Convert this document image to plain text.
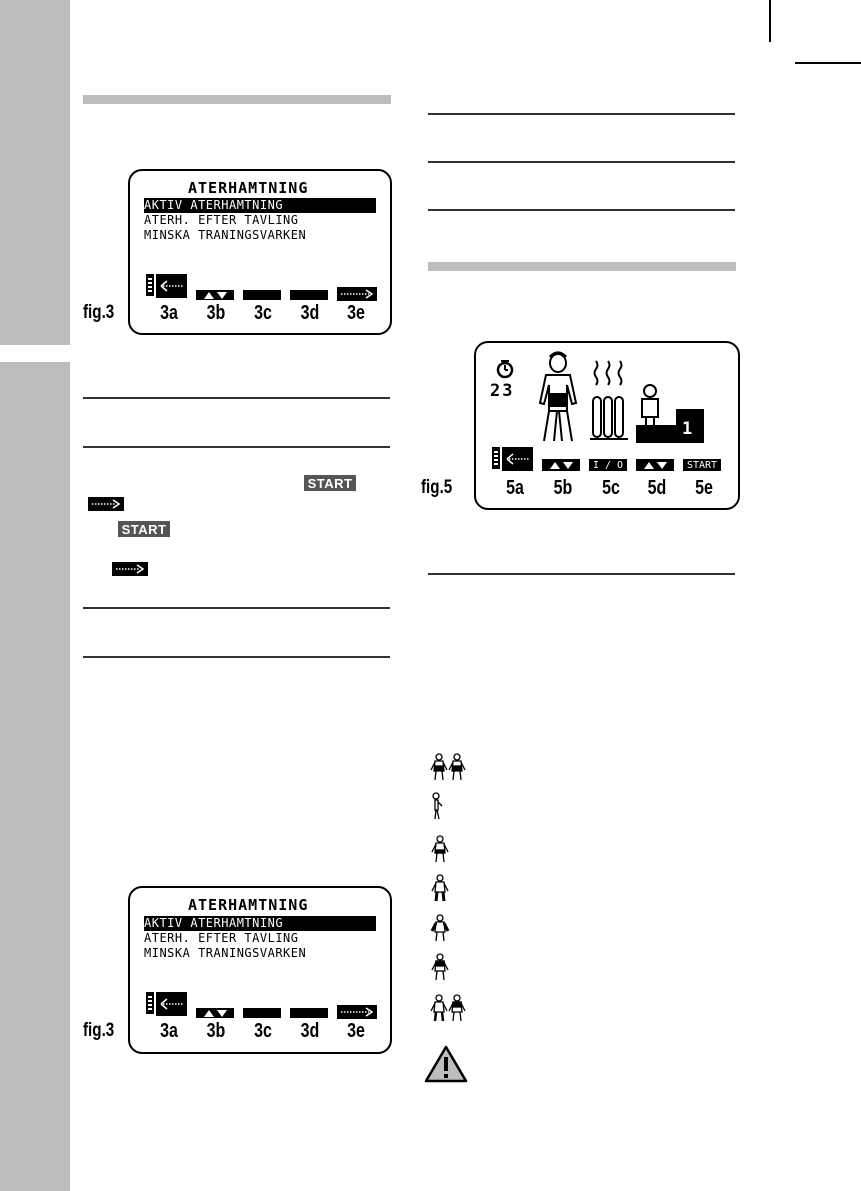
fig.3
ATERHAMTNING
AKTIV ATERHAMTNING
ATERH. EFTER TAVLING
MINSKA TRANINGSVARKEN
3a	3b	3c	3d	3e
START
START
fig.3
ATERHAMTNING
AKTIV ATERHAMTNING
ATERH. EFTER TAVLING
MINSKA TRANINGSVARKEN
3a	3b	3c	3d	3e
fig.5
23
1
I / O	START
5a	5b	5c	5d	5e
